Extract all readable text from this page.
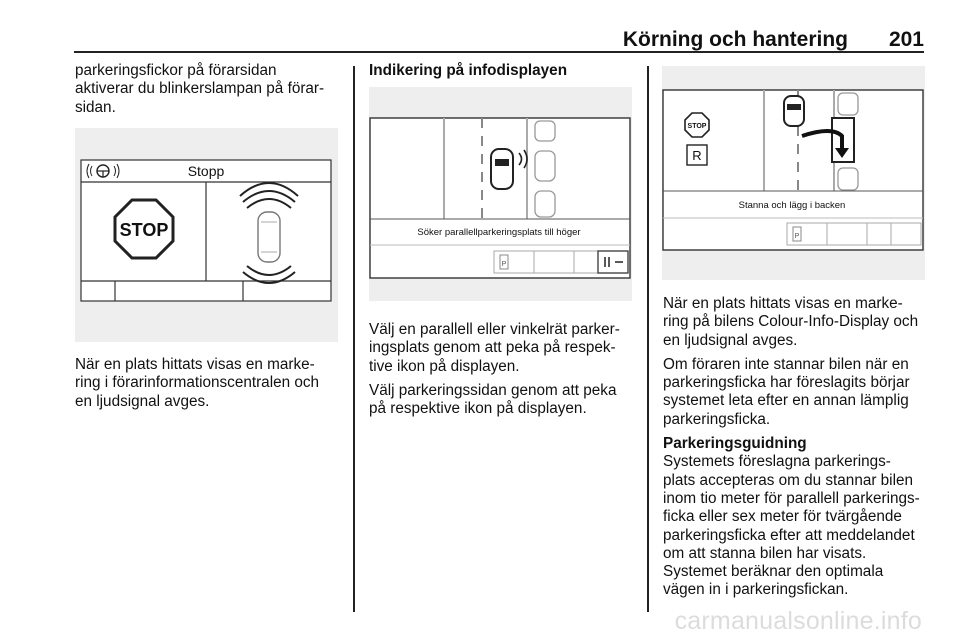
Körning och hantering 201

parkeringsfickor på förarsidan
aktiverar du blinkerslampan på förar-
sidan.

När en plats hittats visas en marke-
ring i förarinformationscentralen och
en ljudsignal avges.

Stopp
STOP

Indikering på infodisplayen

Söker parallellparkeringsplats till höger
P

Välj en parallell eller vinkelrät parker-
ingsplats genom att peka på respek-
tive ikon på displayen.

Välj parkeringssidan genom att peka
på respektive ikon på displayen.

STOP
R
Stanna och lägg i backen
P

När en plats hittats visas en marke-
ring på bilens Colour-Info-Display och
en ljudsignal avges.

Om föraren inte stannar bilen när en
parkeringsficka har föreslagits börjar
systemet leta efter en annan lämplig
parkeringsficka.

Parkeringsguidning

Systemets föreslagna parkerings-
plats accepteras om du stannar bilen
inom tio meter för parallell parkerings-
ficka eller sex meter för tvärgående
parkeringsficka efter att meddelandet
om att stanna bilen har visats.
Systemet beräknar den optimala
vägen in i parkeringsfickan.

carmanualsonline.info
